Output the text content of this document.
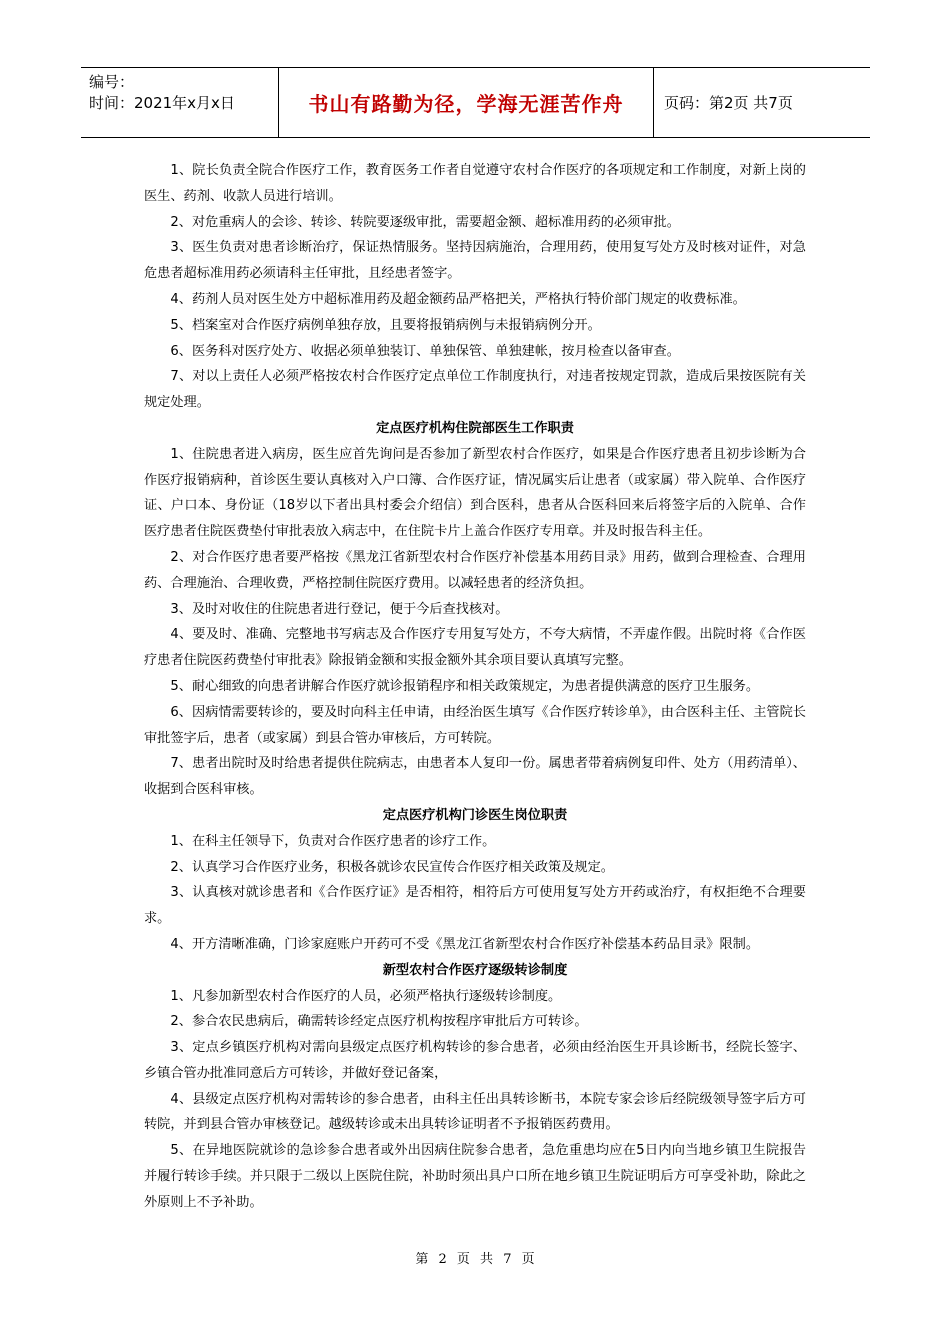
编号：
时间：2021年x月x日	书山有路勤为径，学海无涯苦作舟	页码：第2页 共7页

1、院长负责全院合作医疗工作，教育医务工作者自觉遵守农村合作医疗的各项规定和工作制度，对新上岗的医生、药剂、收款人员进行培训。

2、对危重病人的会诊、转诊、转院要逐级审批，需要超金额、超标准用药的必须审批。

3、医生负责对患者诊断治疗，保证热情服务。坚持因病施治，合理用药，使用复写处方及时核对证件，对急危患者超标准用药必须请科主任审批，且经患者签字。

4、药剂人员对医生处方中超标准用药及超金额药品严格把关，严格执行特价部门规定的收费标准。

5、档案室对合作医疗病例单独存放，且要将报销病例与未报销病例分开。

6、医务科对医疗处方、收据必须单独装订、单独保管、单独建帐，按月检查以备审查。

7、对以上责任人必须严格按农村合作医疗定点单位工作制度执行，对违者按规定罚款，造成后果按医院有关规定处理。

定点医疗机构住院部医生工作职责

1、住院患者进入病房，医生应首先询问是否参加了新型农村合作医疗，如果是合作医疗患者且初步诊断为合作医疗报销病种，首诊医生要认真核对入户口簿、合作医疗证，情况属实后让患者（或家属）带入院单、合作医疗证、户口本、身份证（18岁以下者出具村委会介绍信）到合医科，患者从合医科回来后将签字后的入院单、合作医疗患者住院医费垫付审批表放入病志中，在住院卡片上盖合作医疗专用章。并及时报告科主任。

2、对合作医疗患者要严格按《黑龙江省新型农村合作医疗补偿基本用药目录》用药，做到合理检查、合理用药、合理施治、合理收费，严格控制住院医疗费用。以减轻患者的经济负担。

3、及时对收住的住院患者进行登记，便于今后查找核对。

4、要及时、准确、完整地书写病志及合作医疗专用复写处方，不夸大病情，不弄虚作假。出院时将《合作医疗患者住院医药费垫付审批表》除报销金额和实报金额外其余项目要认真填写完整。

5、耐心细致的向患者讲解合作医疗就诊报销程序和相关政策规定，为患者提供满意的医疗卫生服务。

6、因病情需要转诊的，要及时向科主任申请，由经治医生填写《合作医疗转诊单》，由合医科主任、主管院长审批签字后，患者（或家属）到县合管办审核后，方可转院。

7、患者出院时及时给患者提供住院病志，由患者本人复印一份。属患者带着病例复印件、处方（用药清单）、收据到合医科审核。

定点医疗机构门诊医生岗位职责

1、在科主任领导下，负责对合作医疗患者的诊疗工作。

2、认真学习合作医疗业务，积极各就诊农民宣传合作医疗相关政策及规定。

3、认真核对就诊患者和《合作医疗证》是否相符，相符后方可使用复写处方开药或治疗，有权拒绝不合理要求。

4、开方清晰准确，门诊家庭账户开药可不受《黑龙江省新型农村合作医疗补偿基本药品目录》限制。

新型农村合作医疗逐级转诊制度

1、凡参加新型农村合作医疗的人员，必须严格执行逐级转诊制度。

2、参合农民患病后，确需转诊经定点医疗机构按程序审批后方可转诊。

3、定点乡镇医疗机构对需向县级定点医疗机构转诊的参合患者，必须由经治医生开具诊断书，经院长签字、乡镇合管办批准同意后方可转诊，并做好登记备案，

4、县级定点医疗机构对需转诊的参合患者，由科主任出具转诊断书，本院专家会诊后经院级领导签字后方可转院，并到县合管办审核登记。越级转诊或未出具转诊证明者不予报销医药费用。

5、在异地医院就诊的急诊参合患者或外出因病住院参合患者，急危重患均应在5日内向当地乡镇卫生院报告并履行转诊手续。并只限于二级以上医院住院，补助时须出具户口所在地乡镇卫生院证明后方可享受补助，除此之外原则上不予补助。

第 2 页 共 7 页
